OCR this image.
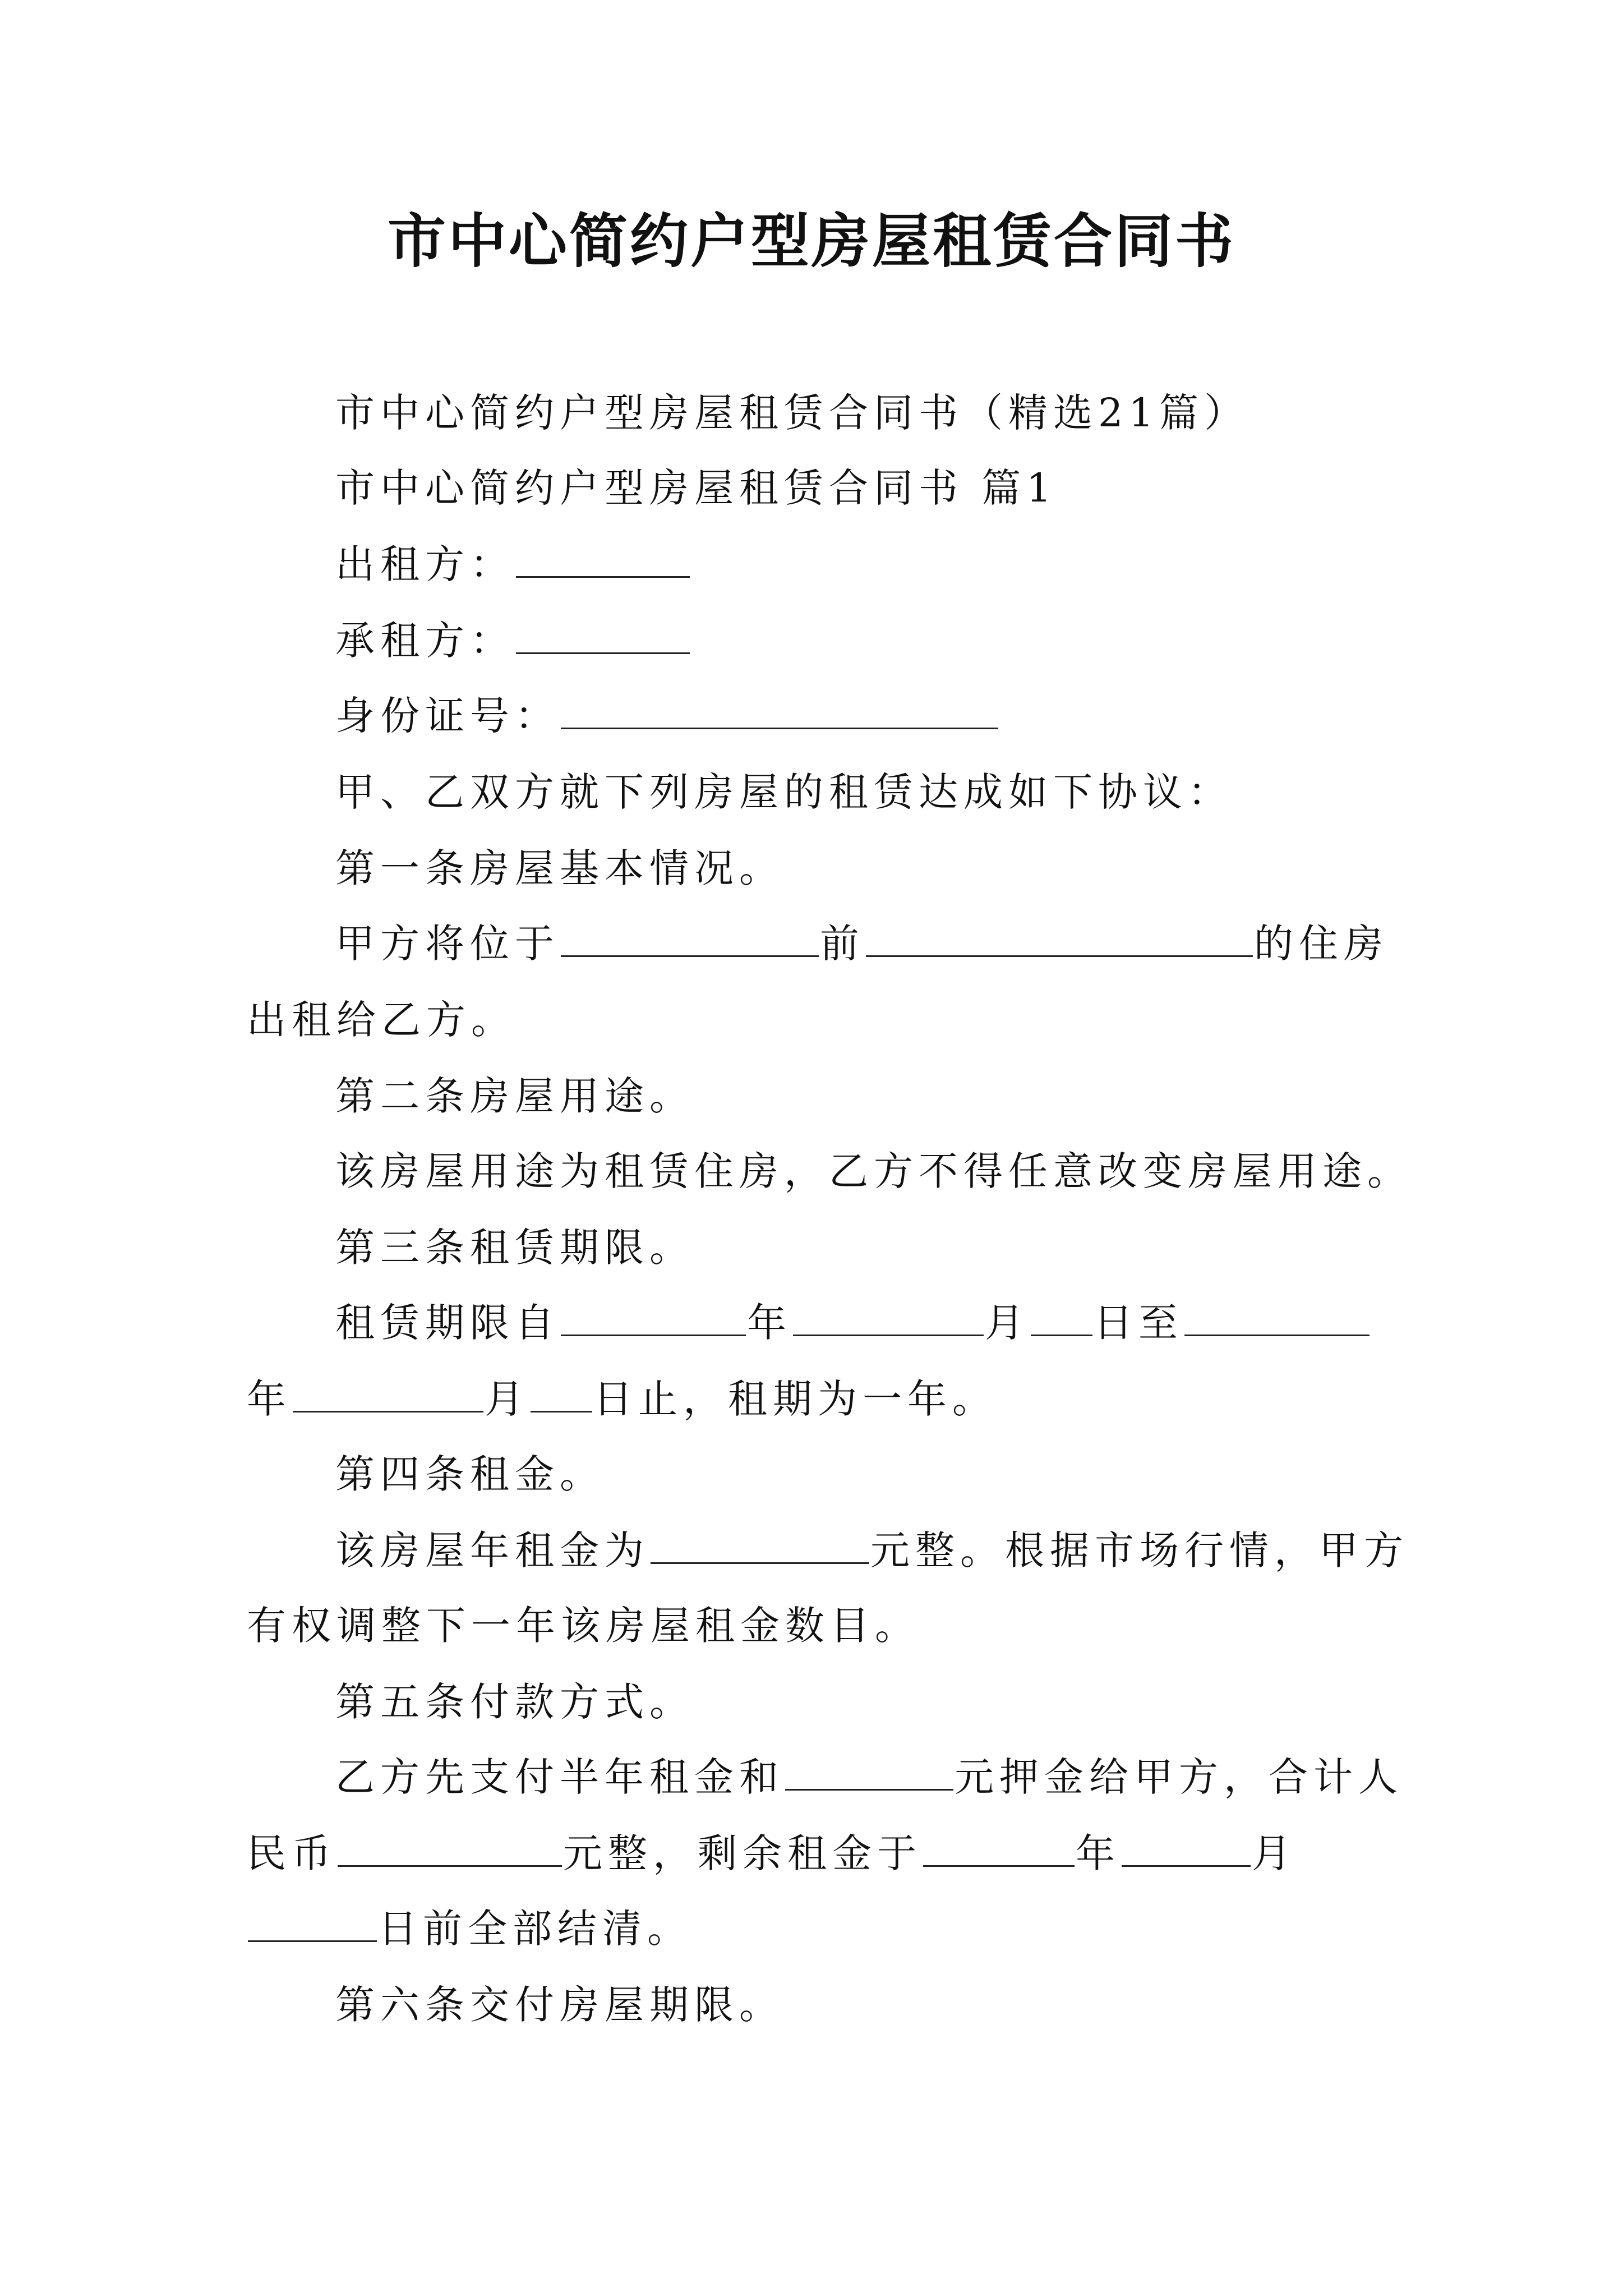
市中心简约户型房屋租赁合同书
市中心简约户型房屋租赁合同书（精选21篇）
市中心简约户型房屋租赁合同书 篇1
出租方：
承租方：
身份证号：
甲、乙双方就下列房屋的租赁达成如下协议：
第一条房屋基本情况。
甲方将位于	前	的住房
出租给乙方。
第二条房屋用途。
该房屋用途为租赁住房，乙方不得任意改变房屋用途。
第三条租赁期限。
租赁期限自	年	月 日至
年	月 日止，租期为一年。
第四条租金。
该房屋年租金为	元整。根据市场行情，甲方
有权调整下一年该房屋租金数目。
第五条付款方式。
乙方先支付半年租金和	元押金给甲方，合计人
民币	元整，剩余租金于	年	月
日前全部结清。
第六条交付房屋期限。
